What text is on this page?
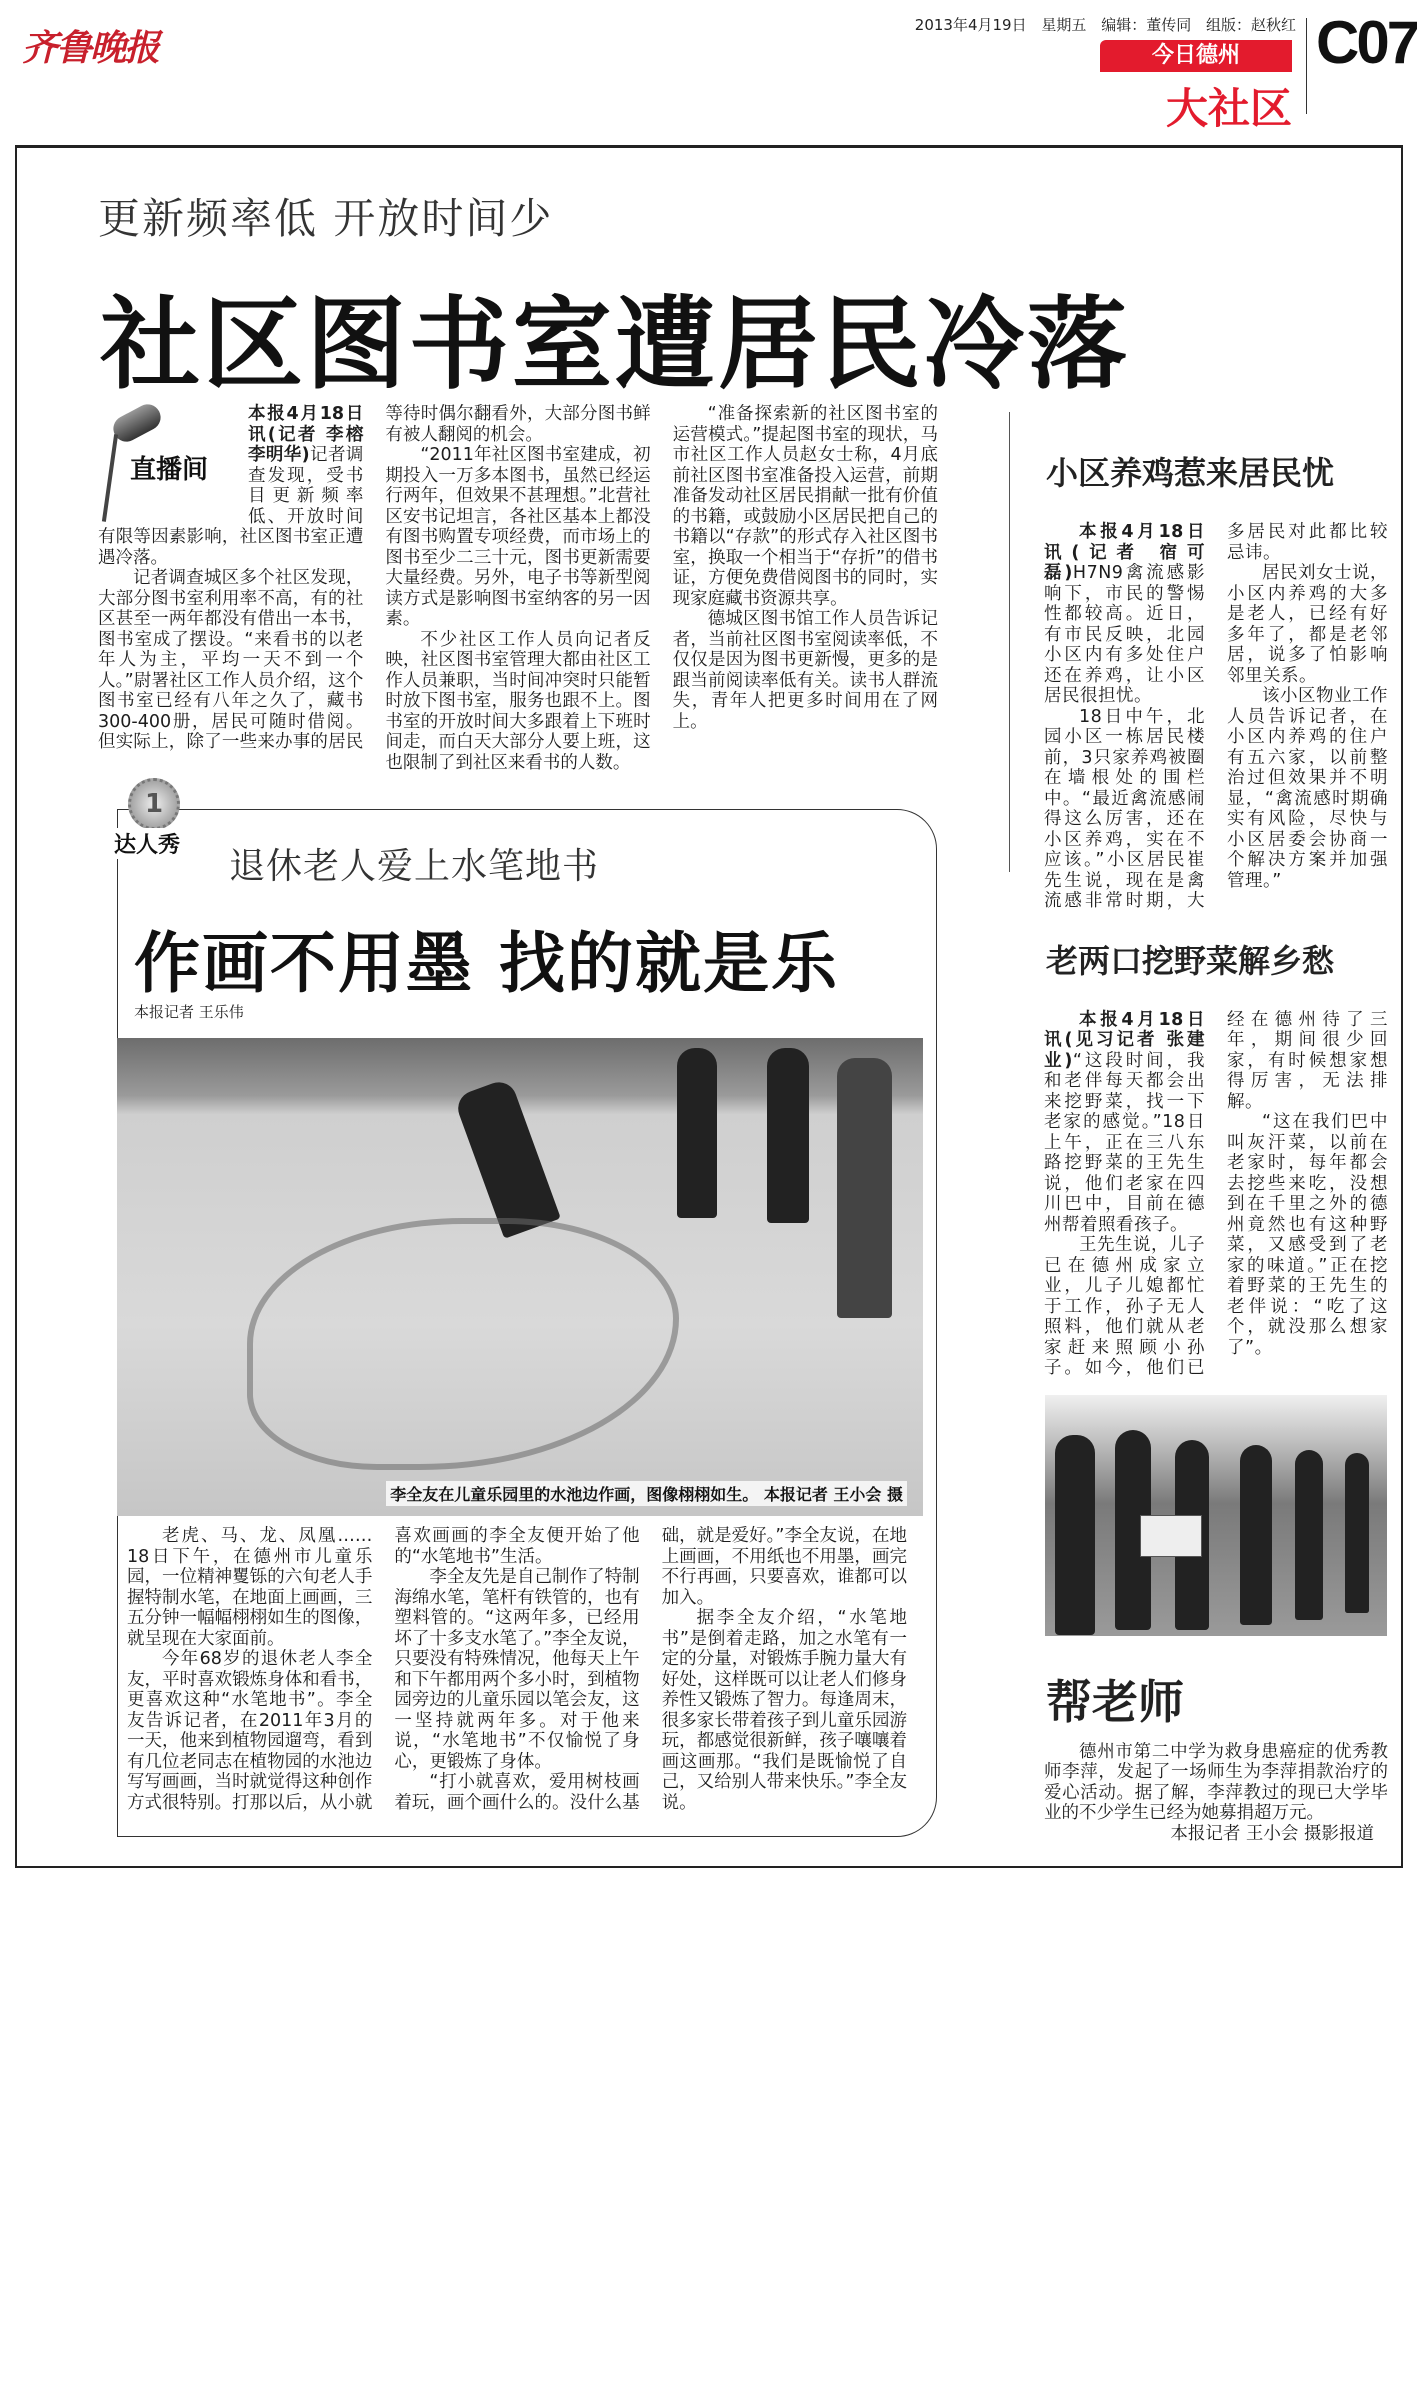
齐鲁晚报
2013年4月19日 星期五 编辑：董传同 组版：赵秋红
今日德州
大社区
C07
更新频率低 开放时间少
社区图书室遭居民冷落
直播间

本报4月18日讯(记者 李榕 李明华)记者调查发现，受书目更新频率低、开放时间有限等因素影响，社区图书室正遭遇冷落。

记者调查城区多个社区发现，大部分图书室利用率不高，有的社区甚至一两年都没有借出一本书，图书室成了摆设。“来看书的以老年人为主，平均一天不到一个人。”尉署社区工作人员介绍，这个图书室已经有八年之久了，藏书300-400册，居民可随时借阅。但实际上，除了一些来办事的居民等待时偶尔翻看外，大部分图书鲜有被人翻阅的机会。

“2011年社区图书室建成，初期投入一万多本图书，虽然已经运行两年，但效果不甚理想。”北营社区安书记坦言，各社区基本上都没有图书购置专项经费，而市场上的图书至少二三十元，图书更新需要大量经费。另外，电子书等新型阅读方式是影响图书室纳客的另一因素。

不少社区工作人员向记者反映，社区图书室管理大都由社区工作人员兼职，当时间冲突时只能暂时放下图书室，服务也跟不上。图书室的开放时间大多跟着上下班时间走，而白天大部分人要上班，这也限制了到社区来看书的人数。

“准备探索新的社区图书室的运营模式。”提起图书室的现状，马市社区工作人员赵女士称，4月底前社区图书室准备投入运营，前期准备发动社区居民捐献一批有价值的书籍，或鼓励小区居民把自己的书籍以“存款”的形式存入社区图书室，换取一个相当于“存折”的借书证，方便免费借阅图书的同时，实现家庭藏书资源共享。

德城区图书馆工作人员告诉记者，当前社区图书室阅读率低，不仅仅是因为图书更新慢，更多的是跟当前阅读率低有关。读书人群流失，青年人把更多时间用在了网上。

1
达人秀
退休老人爱上水笔地书
作画不用墨 找的就是乐
本报记者 王乐伟
李全友在儿童乐园里的水池边作画，图像栩栩如生。 本报记者 王小会 摄

老虎、马、龙、凤凰……18日下午，在德州市儿童乐园，一位精神矍铄的六旬老人手握特制水笔，在地面上画画，三五分钟一幅幅栩栩如生的图像，就呈现在大家面前。

今年68岁的退休老人李全友，平时喜欢锻炼身体和看书，更喜欢这种“水笔地书”。李全友告诉记者，在2011年3月的一天，他来到植物园遛弯，看到有几位老同志在植物园的水池边写写画画，当时就觉得这种创作方式很特别。打那以后，从小就喜欢画画的李全友便开始了他的“水笔地书”生活。

李全友先是自己制作了特制海绵水笔，笔杆有铁管的，也有塑料管的。“这两年多，已经用坏了十多支水笔了。”李全友说，只要没有特殊情况，他每天上午和下午都用两个多小时，到植物园旁边的儿童乐园以笔会友，这一坚持就两年多。对于他来说，“水笔地书”不仅愉悦了身心，更锻炼了身体。

“打小就喜欢，爱用树枝画着玩，画个画什么的。没什么基础，就是爱好。”李全友说，在地上画画，不用纸也不用墨，画完不行再画，只要喜欢，谁都可以加入。

据李全友介绍，“水笔地书”是倒着走路，加之水笔有一定的分量，对锻炼手腕力量大有好处，这样既可以让老人们修身养性又锻炼了智力。每逢周末，很多家长带着孩子到儿童乐园游玩，都感觉很新鲜，孩子嚷嚷着画这画那。“我们是既愉悦了自己，又给别人带来快乐。”李全友说。

小区养鸡惹来居民忧

本报4月18日讯(记者 宿可磊)H7N9禽流感影响下，市民的警惕性都较高。近日，有市民反映，北园小区内有多处住户还在养鸡，让小区居民很担忧。

18日中午，北园小区一栋居民楼前，3只家养鸡被圈在墙根处的围栏中。“最近禽流感闹得这么厉害，还在小区养鸡，实在不应该。”小区居民崔先生说，现在是禽流感非常时期，大多居民对此都比较忌讳。

居民刘女士说，小区内养鸡的大多是老人，已经有好多年了，都是老邻居，说多了怕影响邻里关系。

该小区物业工作人员告诉记者，在小区内养鸡的住户有五六家，以前整治过但效果并不明显，“禽流感时期确实有风险，尽快与小区居委会协商一个解决方案并加强管理。”

老两口挖野菜解乡愁

本报4月18日讯(见习记者 张建业)“这段时间，我和老伴每天都会出来挖野菜，找一下老家的感觉。”18日上午，正在三八东路挖野菜的王先生说，他们老家在四川巴中，目前在德州帮着照看孩子。

王先生说，儿子已在德州成家立业，儿子儿媳都忙于工作，孙子无人照料，他们就从老家赶来照顾小孙子。如今，他们已经在德州待了三年，期间很少回家，有时候想家想得厉害，无法排解。

“这在我们巴中叫灰汗菜，以前在老家时，每年都会去挖些来吃，没想到在千里之外的德州竟然也有这种野菜，又感受到了老家的味道。”正在挖着野菜的王先生的老伴说：“吃了这个，就没那么想家了”。

帮老师

德州市第二中学为救身患癌症的优秀教师李萍，发起了一场师生为李萍捐款治疗的爱心活动。据了解，李萍教过的现已大学毕业的不少学生已经为她募捐超万元。

本报记者 王小会 摄影报道
